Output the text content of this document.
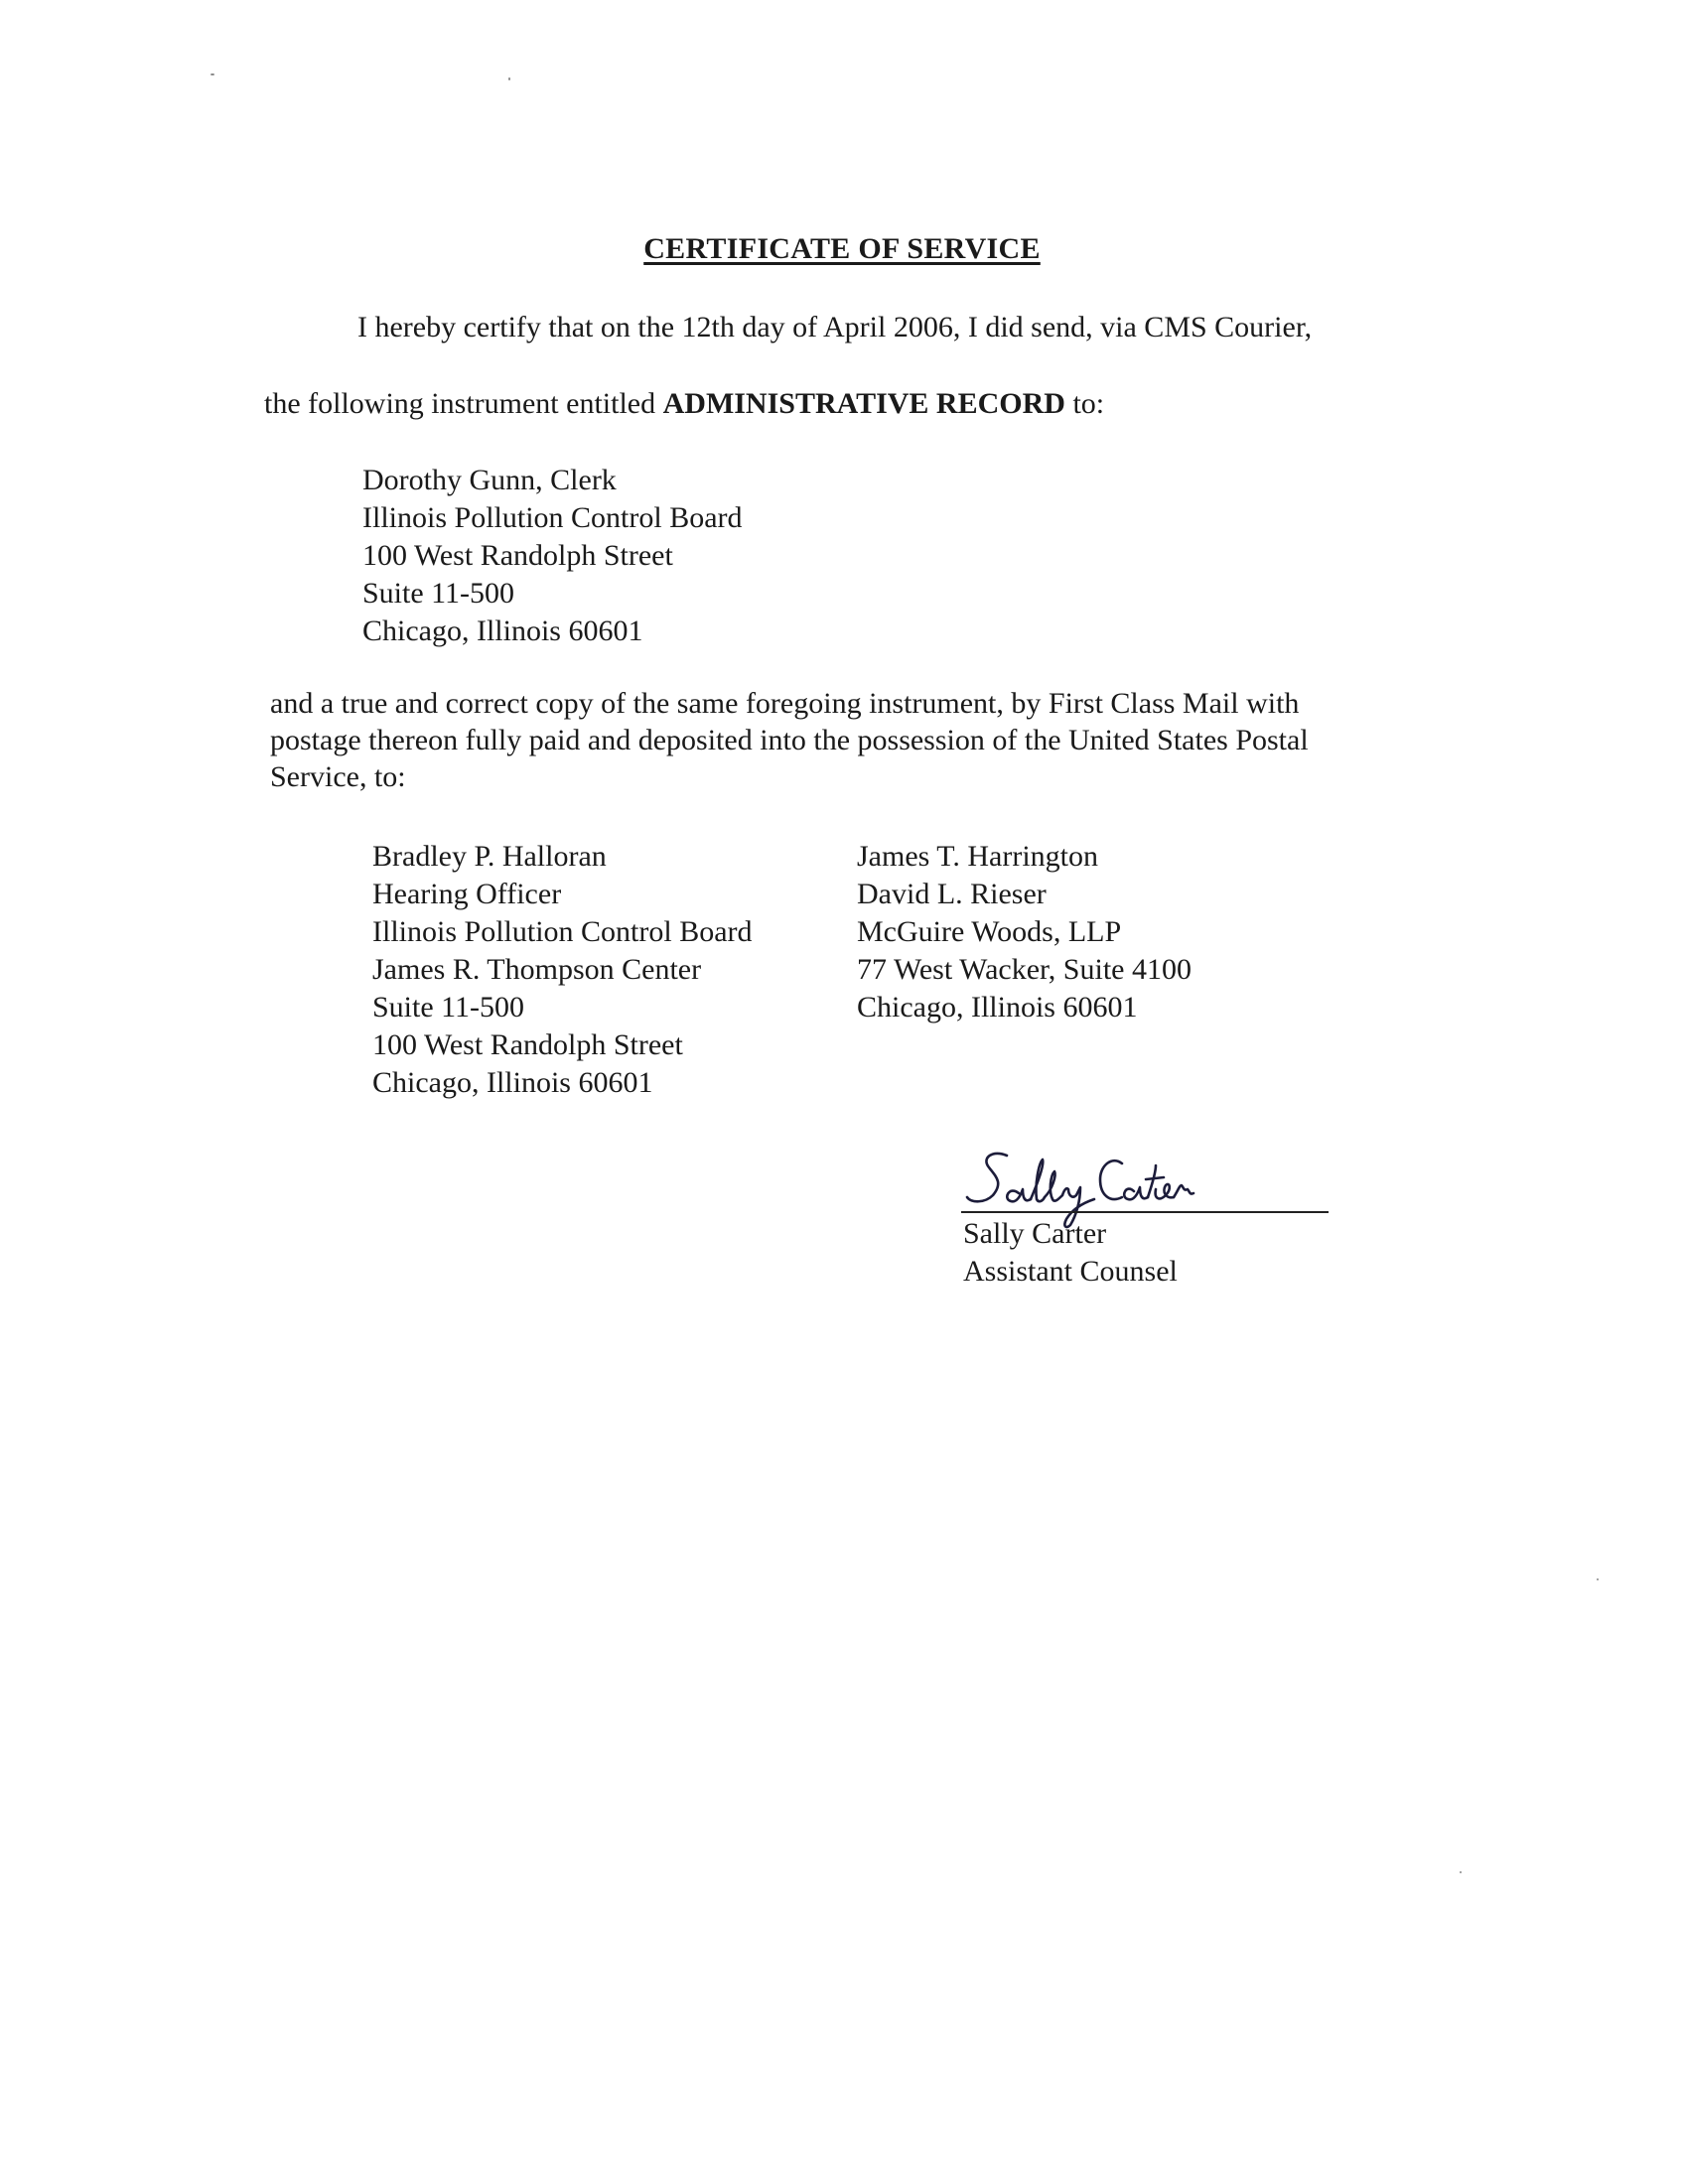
CERTIFICATE OF SERVICE
I hereby certify that on the 12th day of April 2006, I did send, via CMS Courier,
the following instrument entitled ADMINISTRATIVE RECORD to:
Dorothy Gunn, Clerk
Illinois Pollution Control Board
100 West Randolph Street
Suite 11-500
Chicago, Illinois 60601
and a true and correct copy of the same foregoing instrument, by First Class Mail with
postage thereon fully paid and deposited into the possession of the United States Postal
Service, to:
Bradley P. Halloran
Hearing Officer
Illinois Pollution Control Board
James R. Thompson Center
Suite 11-500
100 West Randolph Street
Chicago, Illinois 60601
James T. Harrington
David L. Rieser
McGuire Woods, LLP
77 West Wacker, Suite 4100
Chicago, Illinois 60601
Sally Carter
Assistant Counsel
